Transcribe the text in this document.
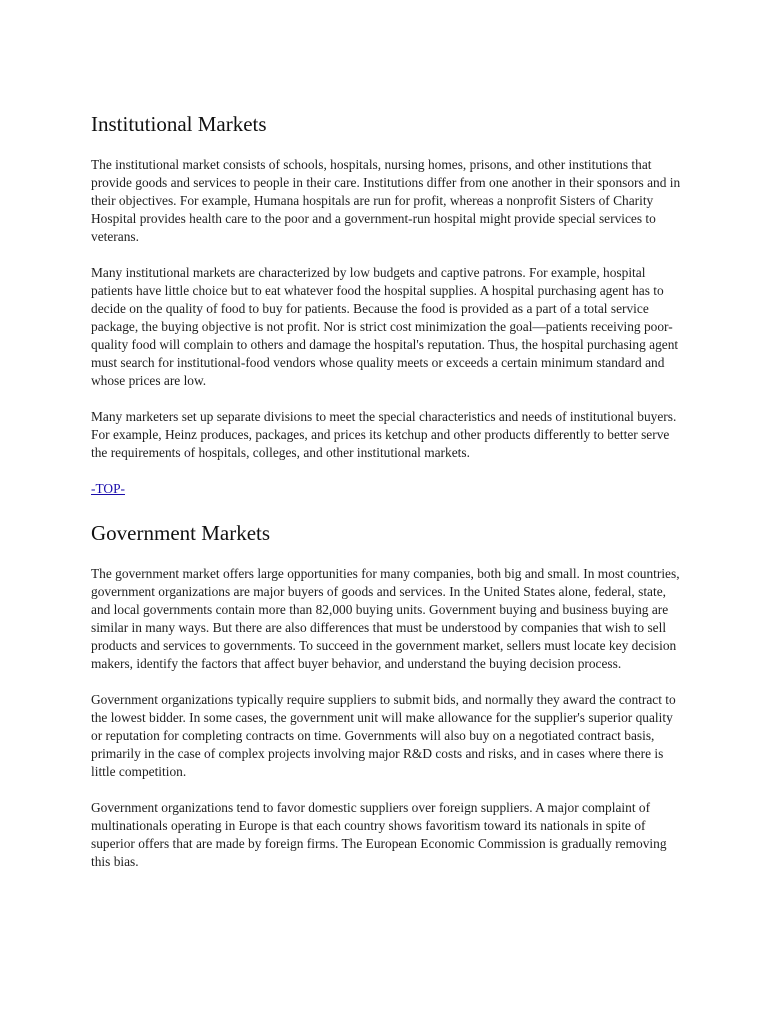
Institutional Markets

The institutional market consists of schools, hospitals, nursing homes, prisons, and other institutions that provide goods and services to people in their care. Institutions differ from one another in their sponsors and in their objectives. For example, Humana hospitals are run for profit, whereas a nonprofit Sisters of Charity Hospital provides health care to the poor and a government-run hospital might provide special services to veterans.

Many institutional markets are characterized by low budgets and captive patrons. For example, hospital patients have little choice but to eat whatever food the hospital supplies. A hospital purchasing agent has to decide on the quality of food to buy for patients. Because the food is provided as a part of a total service package, the buying objective is not profit. Nor is strict cost minimization the goal—patients receiving poor-quality food will complain to others and damage the hospital's reputation. Thus, the hospital purchasing agent must search for institutional-food vendors whose quality meets or exceeds a certain minimum standard and whose prices are low.

Many marketers set up separate divisions to meet the special characteristics and needs of institutional buyers. For example, Heinz produces, packages, and prices its ketchup and other products differently to better serve the requirements of hospitals, colleges, and other institutional markets.

-TOP-
Government Markets

The government market offers large opportunities for many companies, both big and small. In most countries, government organizations are major buyers of goods and services. In the United States alone, federal, state, and local governments contain more than 82,000 buying units. Government buying and business buying are similar in many ways. But there are also differences that must be understood by companies that wish to sell products and services to governments. To succeed in the government market, sellers must locate key decision makers, identify the factors that affect buyer behavior, and understand the buying decision process.

Government organizations typically require suppliers to submit bids, and normally they award the contract to the lowest bidder. In some cases, the government unit will make allowance for the supplier's superior quality or reputation for completing contracts on time. Governments will also buy on a negotiated contract basis, primarily in the case of complex projects involving major R&D costs and risks, and in cases where there is little competition.

Government organizations tend to favor domestic suppliers over foreign suppliers. A major complaint of multinationals operating in Europe is that each country shows favoritism toward its nationals in spite of superior offers that are made by foreign firms. The European Economic Commission is gradually removing this bias.
